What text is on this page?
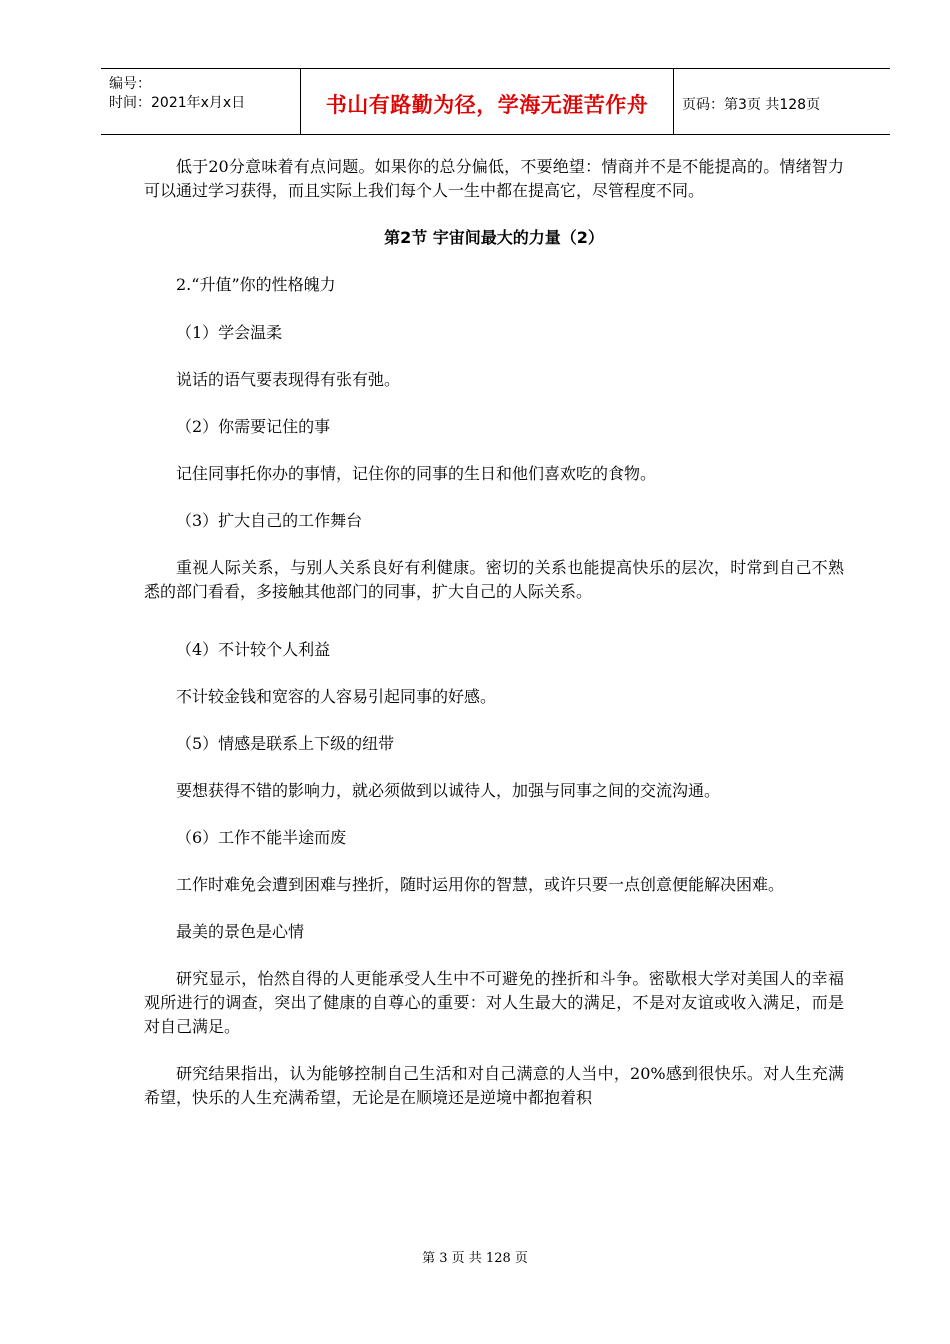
编号：
时间：2021年x月x日	书山有路勤为径，学海无涯苦作舟 页码：第3页 共128页

低于20分意味着有点问题。如果你的总分偏低，不要绝望：情商并不是不能提高的。情绪智力可以通过学习获得，而且实际上我们每个人一生中都在提高它，尽管程度不同。

第2节 宇宙间最大的力量（2）

2.“升值”你的性格魄力

（1）学会温柔

说话的语气要表现得有张有弛。

（2）你需要记住的事

记住同事托你办的事情，记住你的同事的生日和他们喜欢吃的食物。

（3）扩大自己的工作舞台

重视人际关系，与别人关系良好有利健康。密切的关系也能提高快乐的层次，时常到自己不熟悉的部门看看，多接触其他部门的同事，扩大自己的人际关系。

（4）不计较个人利益

不计较金钱和宽容的人容易引起同事的好感。

（5）情感是联系上下级的纽带

要想获得不错的影响力，就必须做到以诚待人，加强与同事之间的交流沟通。

（6）工作不能半途而废

工作时难免会遭到困难与挫折，随时运用你的智慧，或许只要一点创意便能解决困难。

最美的景色是心情

研究显示，怡然自得的人更能承受人生中不可避免的挫折和斗争。密歇根大学对美国人的幸福观所进行的调查，突出了健康的自尊心的重要：对人生最大的满足，不是对友谊或收入满足，而是对自己满足。

研究结果指出，认为能够控制自己生活和对自己满意的人当中，20%感到很快乐。对人生充满希望，快乐的人生充满希望，无论是在顺境还是逆境中都抱着积

第 3 页 共 128 页
